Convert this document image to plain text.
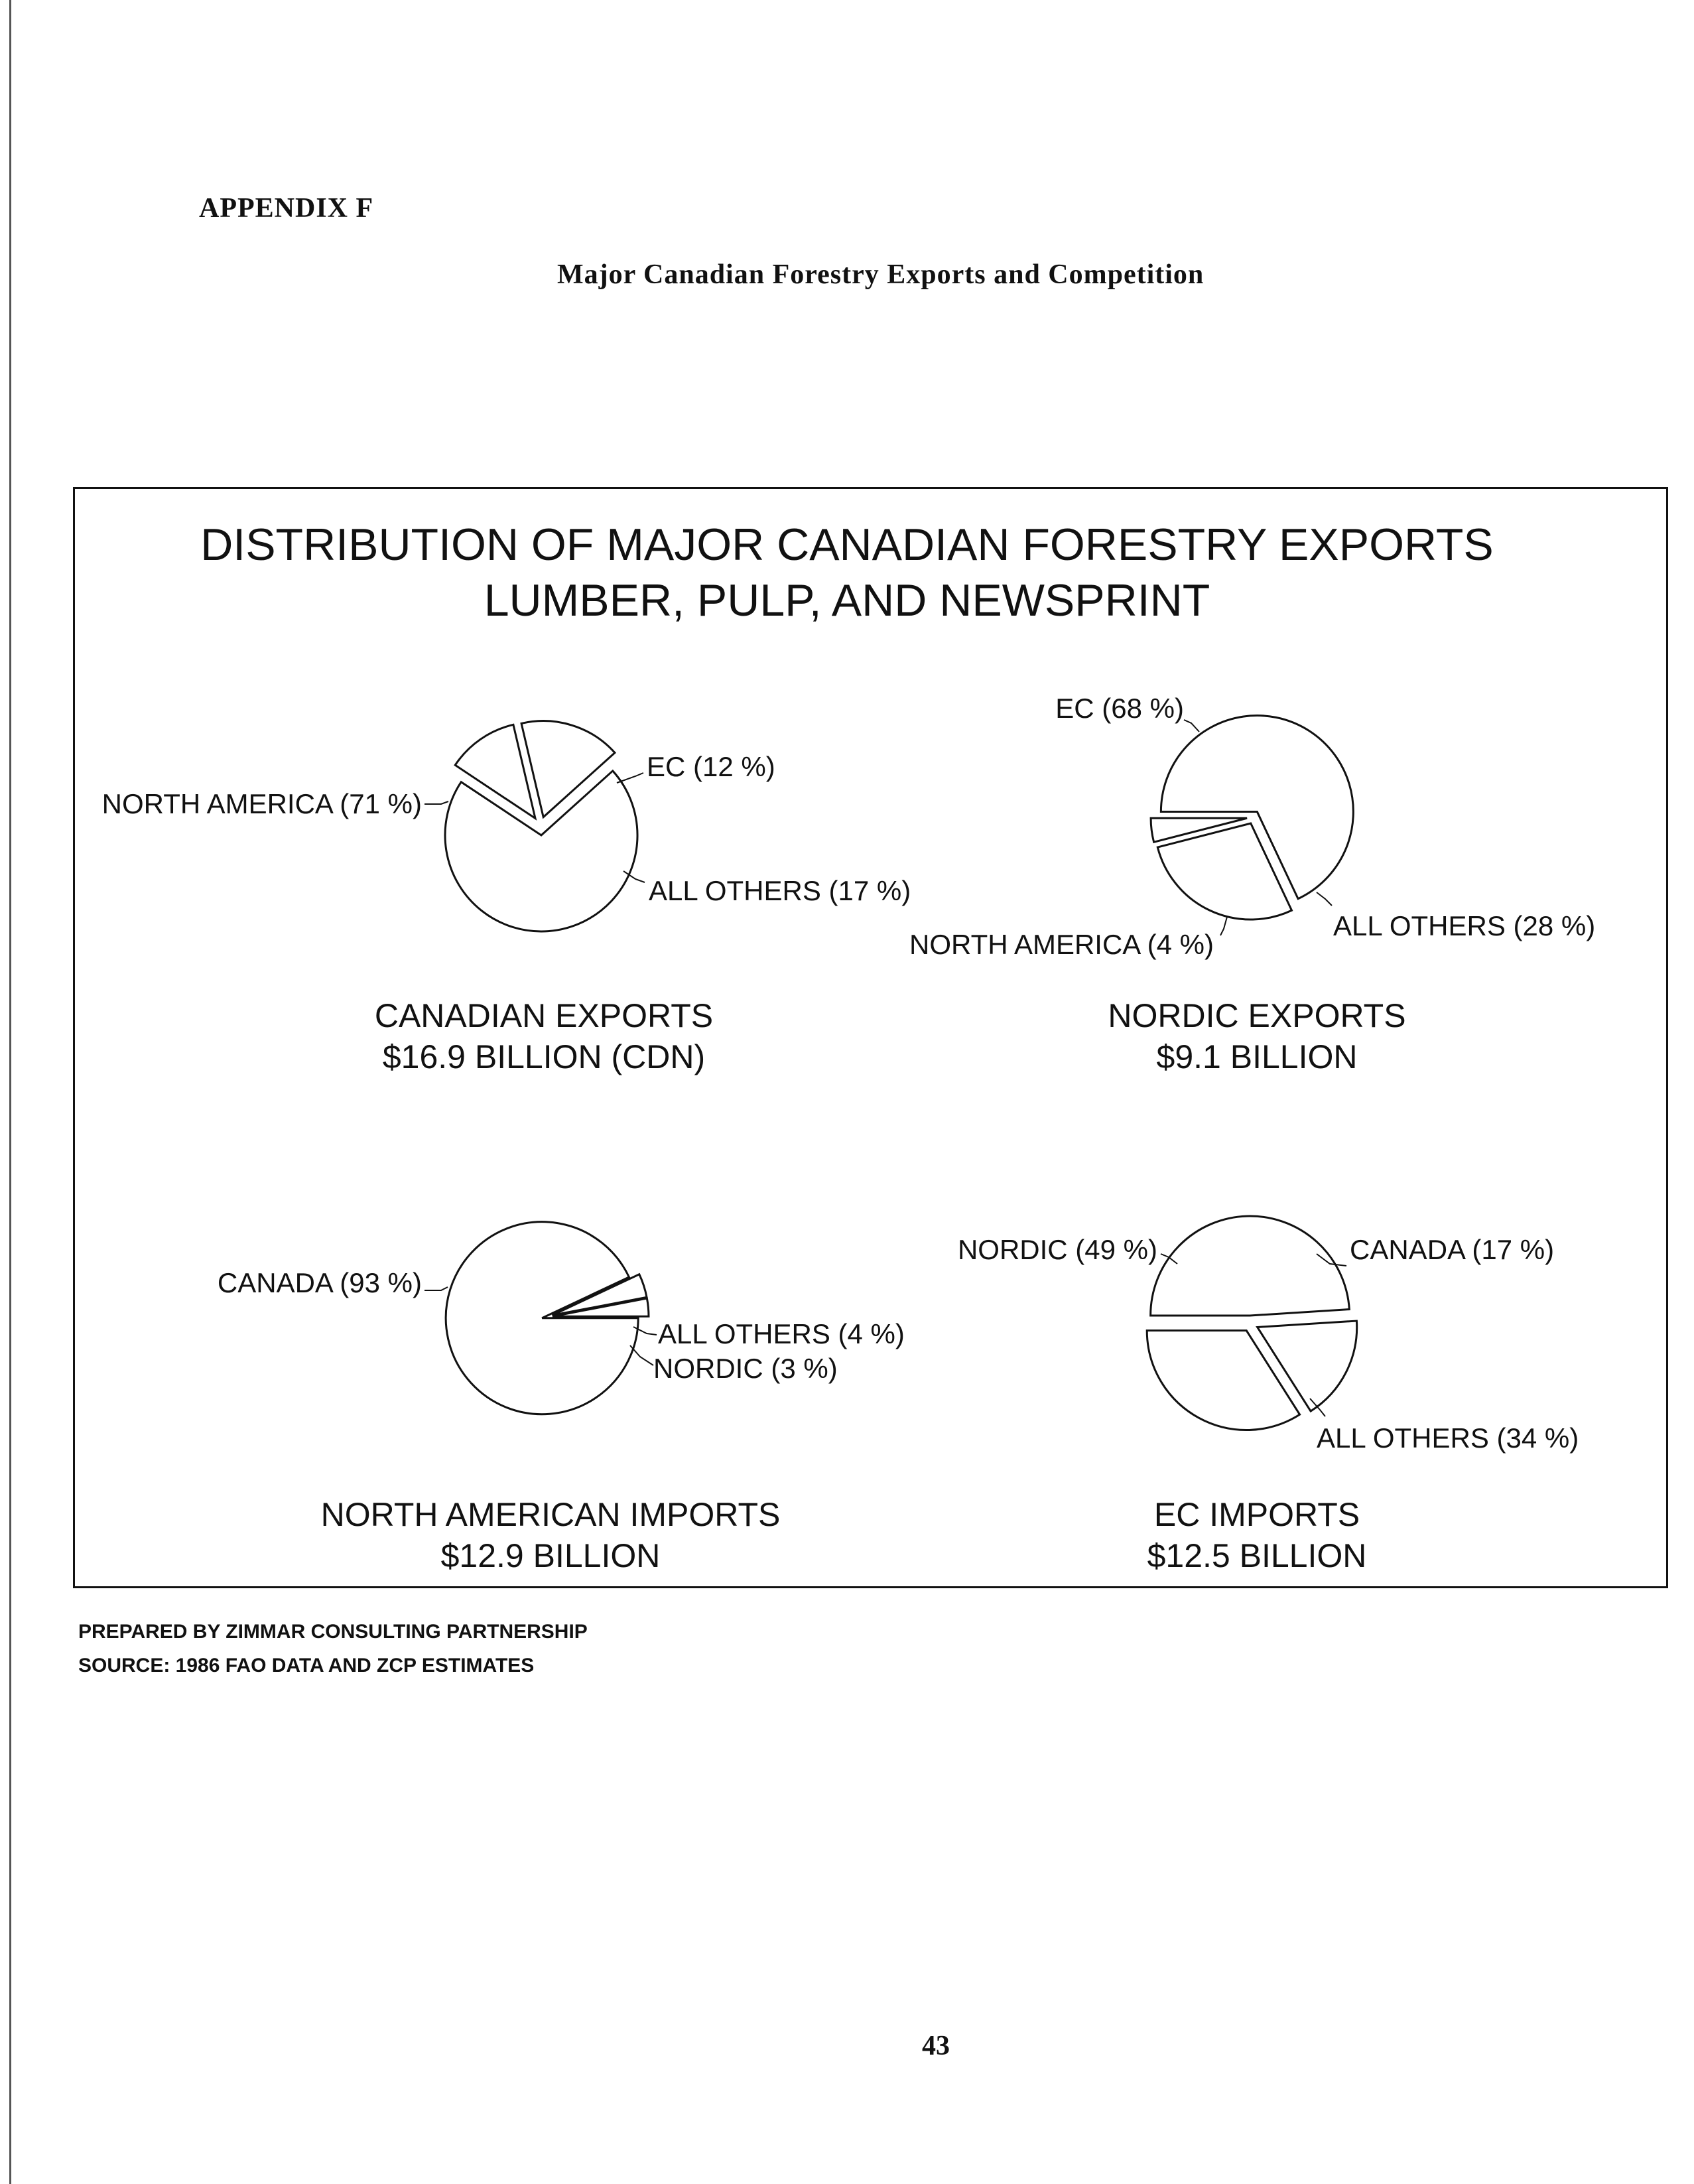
APPENDIX F
Major Canadian Forestry Exports and Competition
DISTRIBUTION OF MAJOR CANADIAN FORESTRY EXPORTS
LUMBER, PULP, AND NEWSPRINT
NORTH AMERICA (71 %)
EC (12 %)
ALL OTHERS (17 %)
EC (68 %)
ALL OTHERS (28 %)
NORTH AMERICA (4 %)
CANADA (93 %)
ALL OTHERS (4 %)
NORDIC (3 %)
NORDIC (49 %)	CANADA (17 %)
ALL OTHERS (34 %)
CANADIAN EXPORTS
$16.9 BILLION (CDN)
NORDIC EXPORTS
$9.1 BILLION
NORTH AMERICAN IMPORTS
$12.9 BILLION
EC IMPORTS
$12.5 BILLION
PREPARED BY ZIMMAR CONSULTING PARTNERSHIP
SOURCE: 1986 FAO DATA AND ZCP ESTIMATES
43
